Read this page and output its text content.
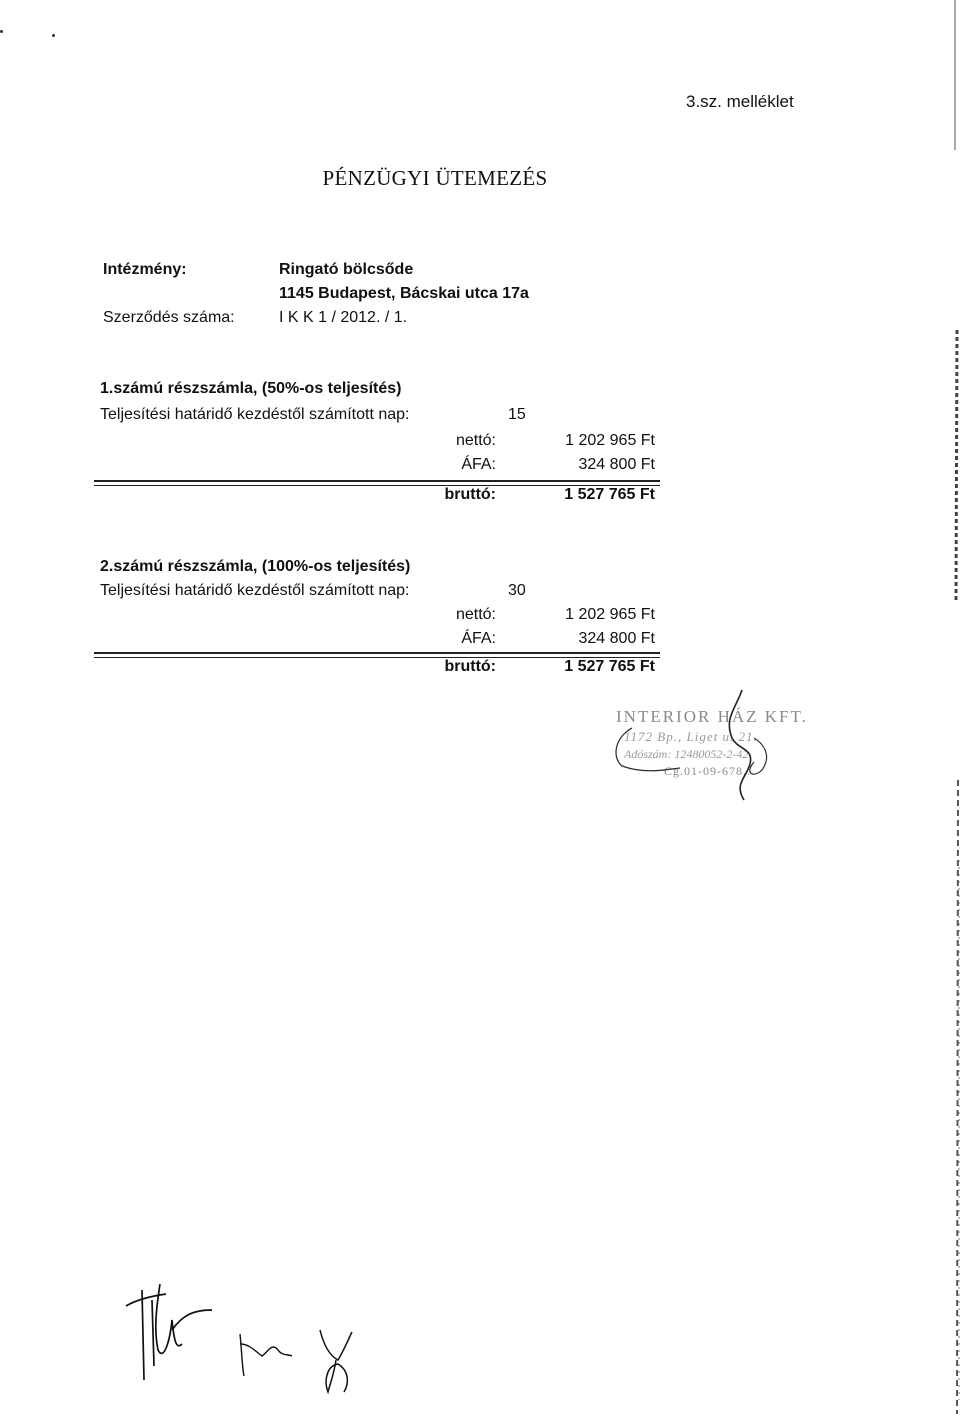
3.sz. melléklet
PÉNZÜGYI ÜTEMEZÉS
Intézmény:	Ringató bölcsőde
1145 Budapest, Bácskai utca 17a
Szerződés száma:	I K K 1 / 2012. / 1.
1.számú részszámla, (50%-os teljesítés)
Teljesítési határidő kezdéstől számított nap:	15
nettó:	1 202 965 Ft
ÁFA:	324 800 Ft
bruttó:	1 527 765 Ft
2.számú részszámla, (100%-os teljesítés)
Teljesítési határidő kezdéstől számított nap:	30
nettó:	1 202 965 Ft
ÁFA:	324 800 Ft
bruttó:	1 527 765 Ft
INTERIOR HÁZ KFT.
1172 Bp., Liget u. 21.
Adószám: 12480052-2-42
Cg.01-09-678...
